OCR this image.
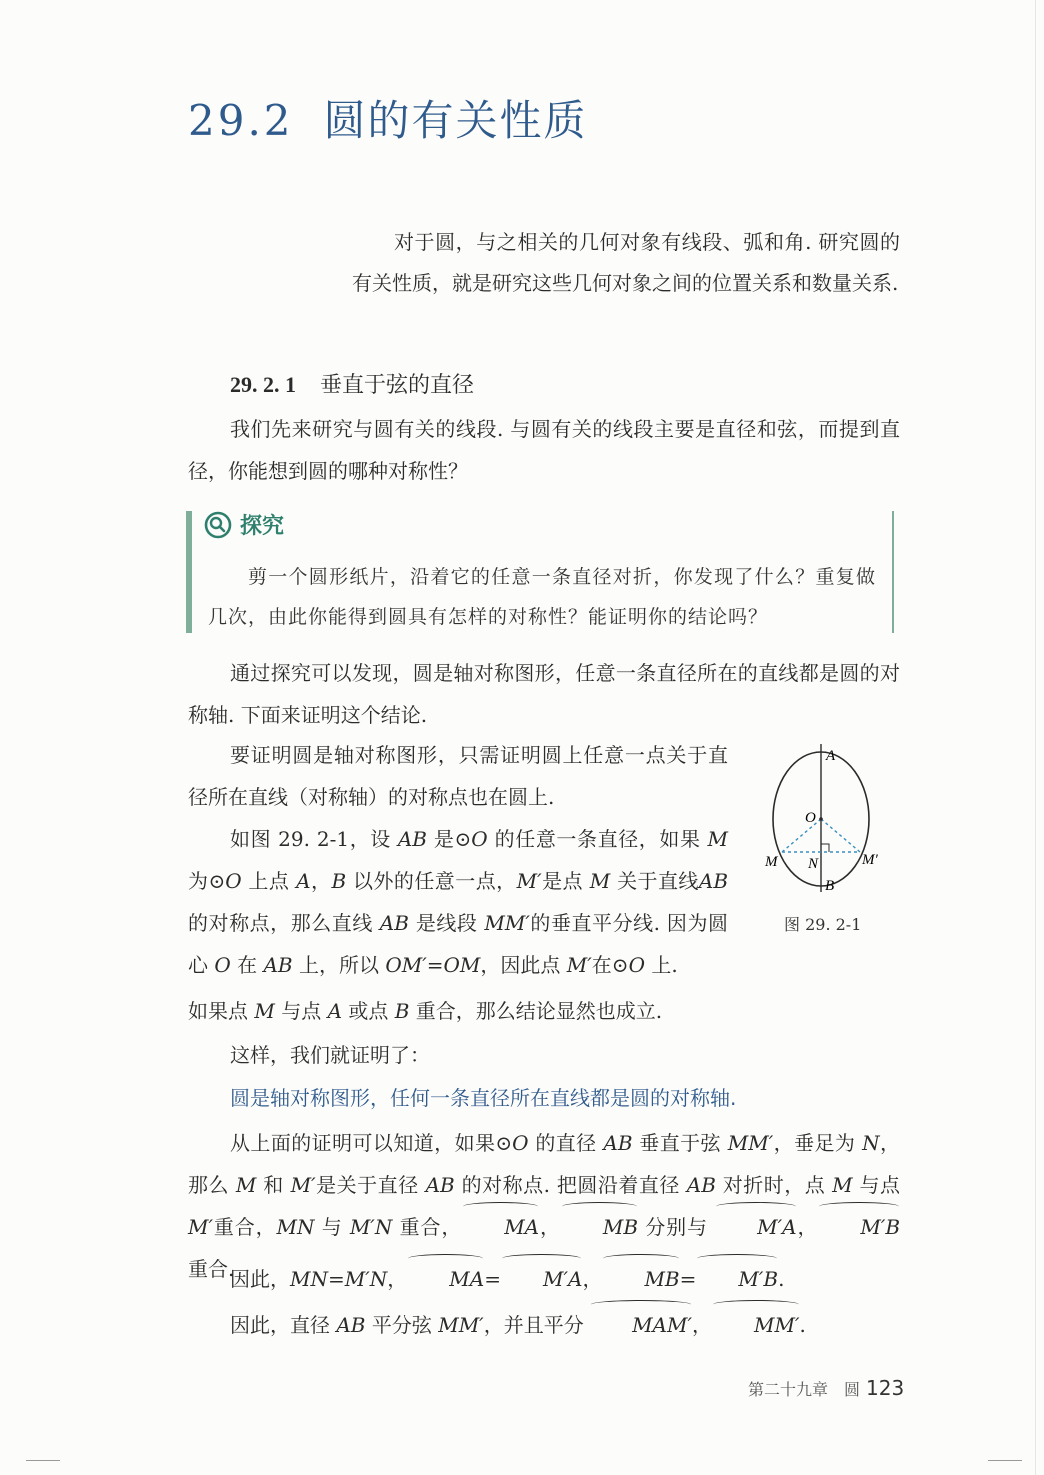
29.2 圆的有关性质
对于圆，与之相关的几何对象有线段、弧和角. 研究圆的有关性质，就是研究这些几何对象之间的位置关系和数量关系.
29. 2. 1 垂直于弦的直径

我们先来研究与圆有关的线段. 与圆有关的线段主要是直径和弦，而提到直径，你能想到圆的哪种对称性？

探究
剪一个圆形纸片，沿着它的任意一条直径对折，你发现了什么？重复做几次，由此你能得到圆具有怎样的对称性？能证明你的结论吗？

通过探究可以发现，圆是轴对称图形，任意一条直径所在的直线都是圆的对称轴. 下面来证明这个结论.

要证明圆是轴对称图形，只需证明圆上任意一点关于直径所在直线（对称轴）的对称点也在圆上.

如图 29. 2-1，设 AB 是⊙O 的任意一条直径，如果 M为⊙O 上点 A，B 以外的任意一点，M′是点 M 关于直线AB 的对称点，那么直线 AB 是线段 MM′的垂直平分线. 因为圆心 O 在 AB 上，所以 OM′=OM，因此点 M′在⊙O 上.

如果点 M 与点 A 或点 B 重合，那么结论显然也成立.

A
B
O
M N	M′
图 29. 2-1

这样，我们就证明了：

圆是轴对称图形，任何一条直径所在直线都是圆的对称轴.

从上面的证明可以知道，如果⊙O 的直径 AB 垂直于弦 MM′，垂足为 N，那么 M 和 M′是关于直径 AB 的对称点. 把圆沿着直径 AB 对折时，点 M 与点 M′重合，MN 与 M′N 重合， MA， MB 分别与 M′A， M′B 重合.

因此，MN=M′N， MA= M′A， MB= M′B.

因此，直径 AB 平分弦 MM′，并且平分 MAM′， MM′.

第二十九章　圆 123
